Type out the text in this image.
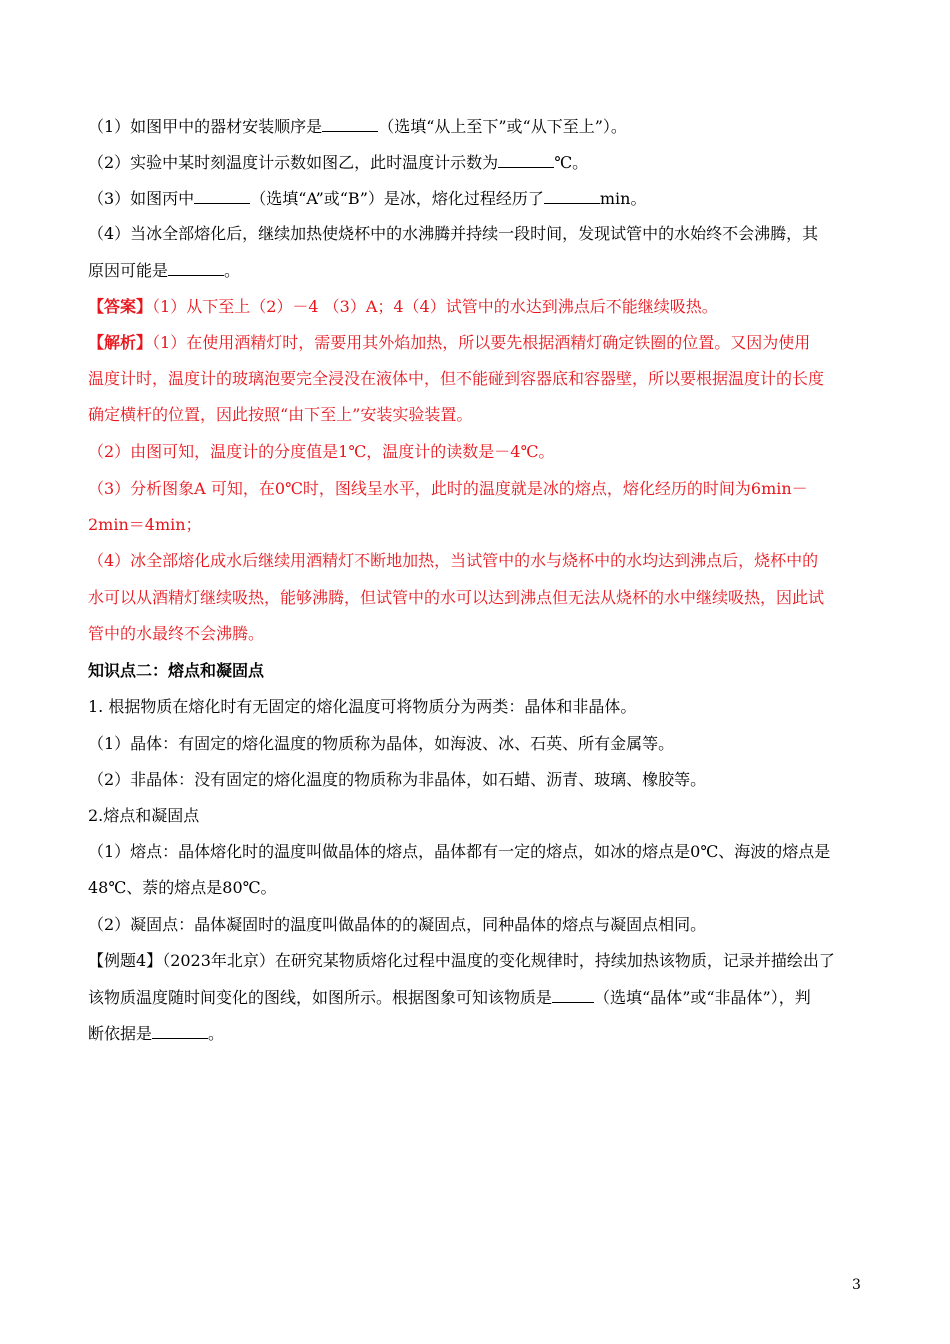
（1）如图甲中的器材安装顺序是	（选填“从上至下”或“从下至上”）。
（2）实验中某时刻温度计示数如图乙，此时温度计示数为	℃。
（3）如图丙中	（选填“A”或“B”）是冰，熔化过程经历了	min。
（4）当冰全部熔化后，继续加热使烧杯中的水沸腾并持续一段时间，发现试管中的水始终不会沸腾，其
原因可能是	。
【答案】（1）从下至上（2）－4 （3）A；4（4）试管中的水达到沸点后不能继续吸热。
【解析】（1）在使用酒精灯时，需要用其外焰加热，所以要先根据酒精灯确定铁圈的位置。又因为使用
温度计时，温度计的玻璃泡要完全浸没在液体中，但不能碰到容器底和容器壁，所以要根据温度计的长度
确定横杆的位置，因此按照“由下至上”安装实验装置。
（2）由图可知，温度计的分度值是1℃，温度计的读数是－4℃。
（3）分析图象A 可知，在0℃时，图线呈水平，此时的温度就是冰的熔点，熔化经历的时间为6min－
2min＝4min；
（4）冰全部熔化成水后继续用酒精灯不断地加热，当试管中的水与烧杯中的水均达到沸点后，烧杯中的
水可以从酒精灯继续吸热，能够沸腾，但试管中的水可以达到沸点但无法从烧杯的水中继续吸热，因此试
管中的水最终不会沸腾。
知识点二：熔点和凝固点
1. 根据物质在熔化时有无固定的熔化温度可将物质分为两类：晶体和非晶体。
（1）晶体：有固定的熔化温度的物质称为晶体，如海波、冰、石英、所有金属等。
（2）非晶体：没有固定的熔化温度的物质称为非晶体，如石蜡、沥青、玻璃、橡胶等。
2.熔点和凝固点
（1）熔点：晶体熔化时的温度叫做晶体的熔点，晶体都有一定的熔点，如冰的熔点是0℃、海波的熔点是
48℃、萘的熔点是80℃。
（2）凝固点：晶体凝固时的温度叫做晶体的的凝固点，同种晶体的熔点与凝固点相同。
【例题4】（2023年北京）在研究某物质熔化过程中温度的变化规律时，持续加热该物质，记录并描绘出了
该物质温度随时间变化的图线，如图所示。根据图象可知该物质是	（选填“晶体”或“非晶体”），判
断依据是	。
3
